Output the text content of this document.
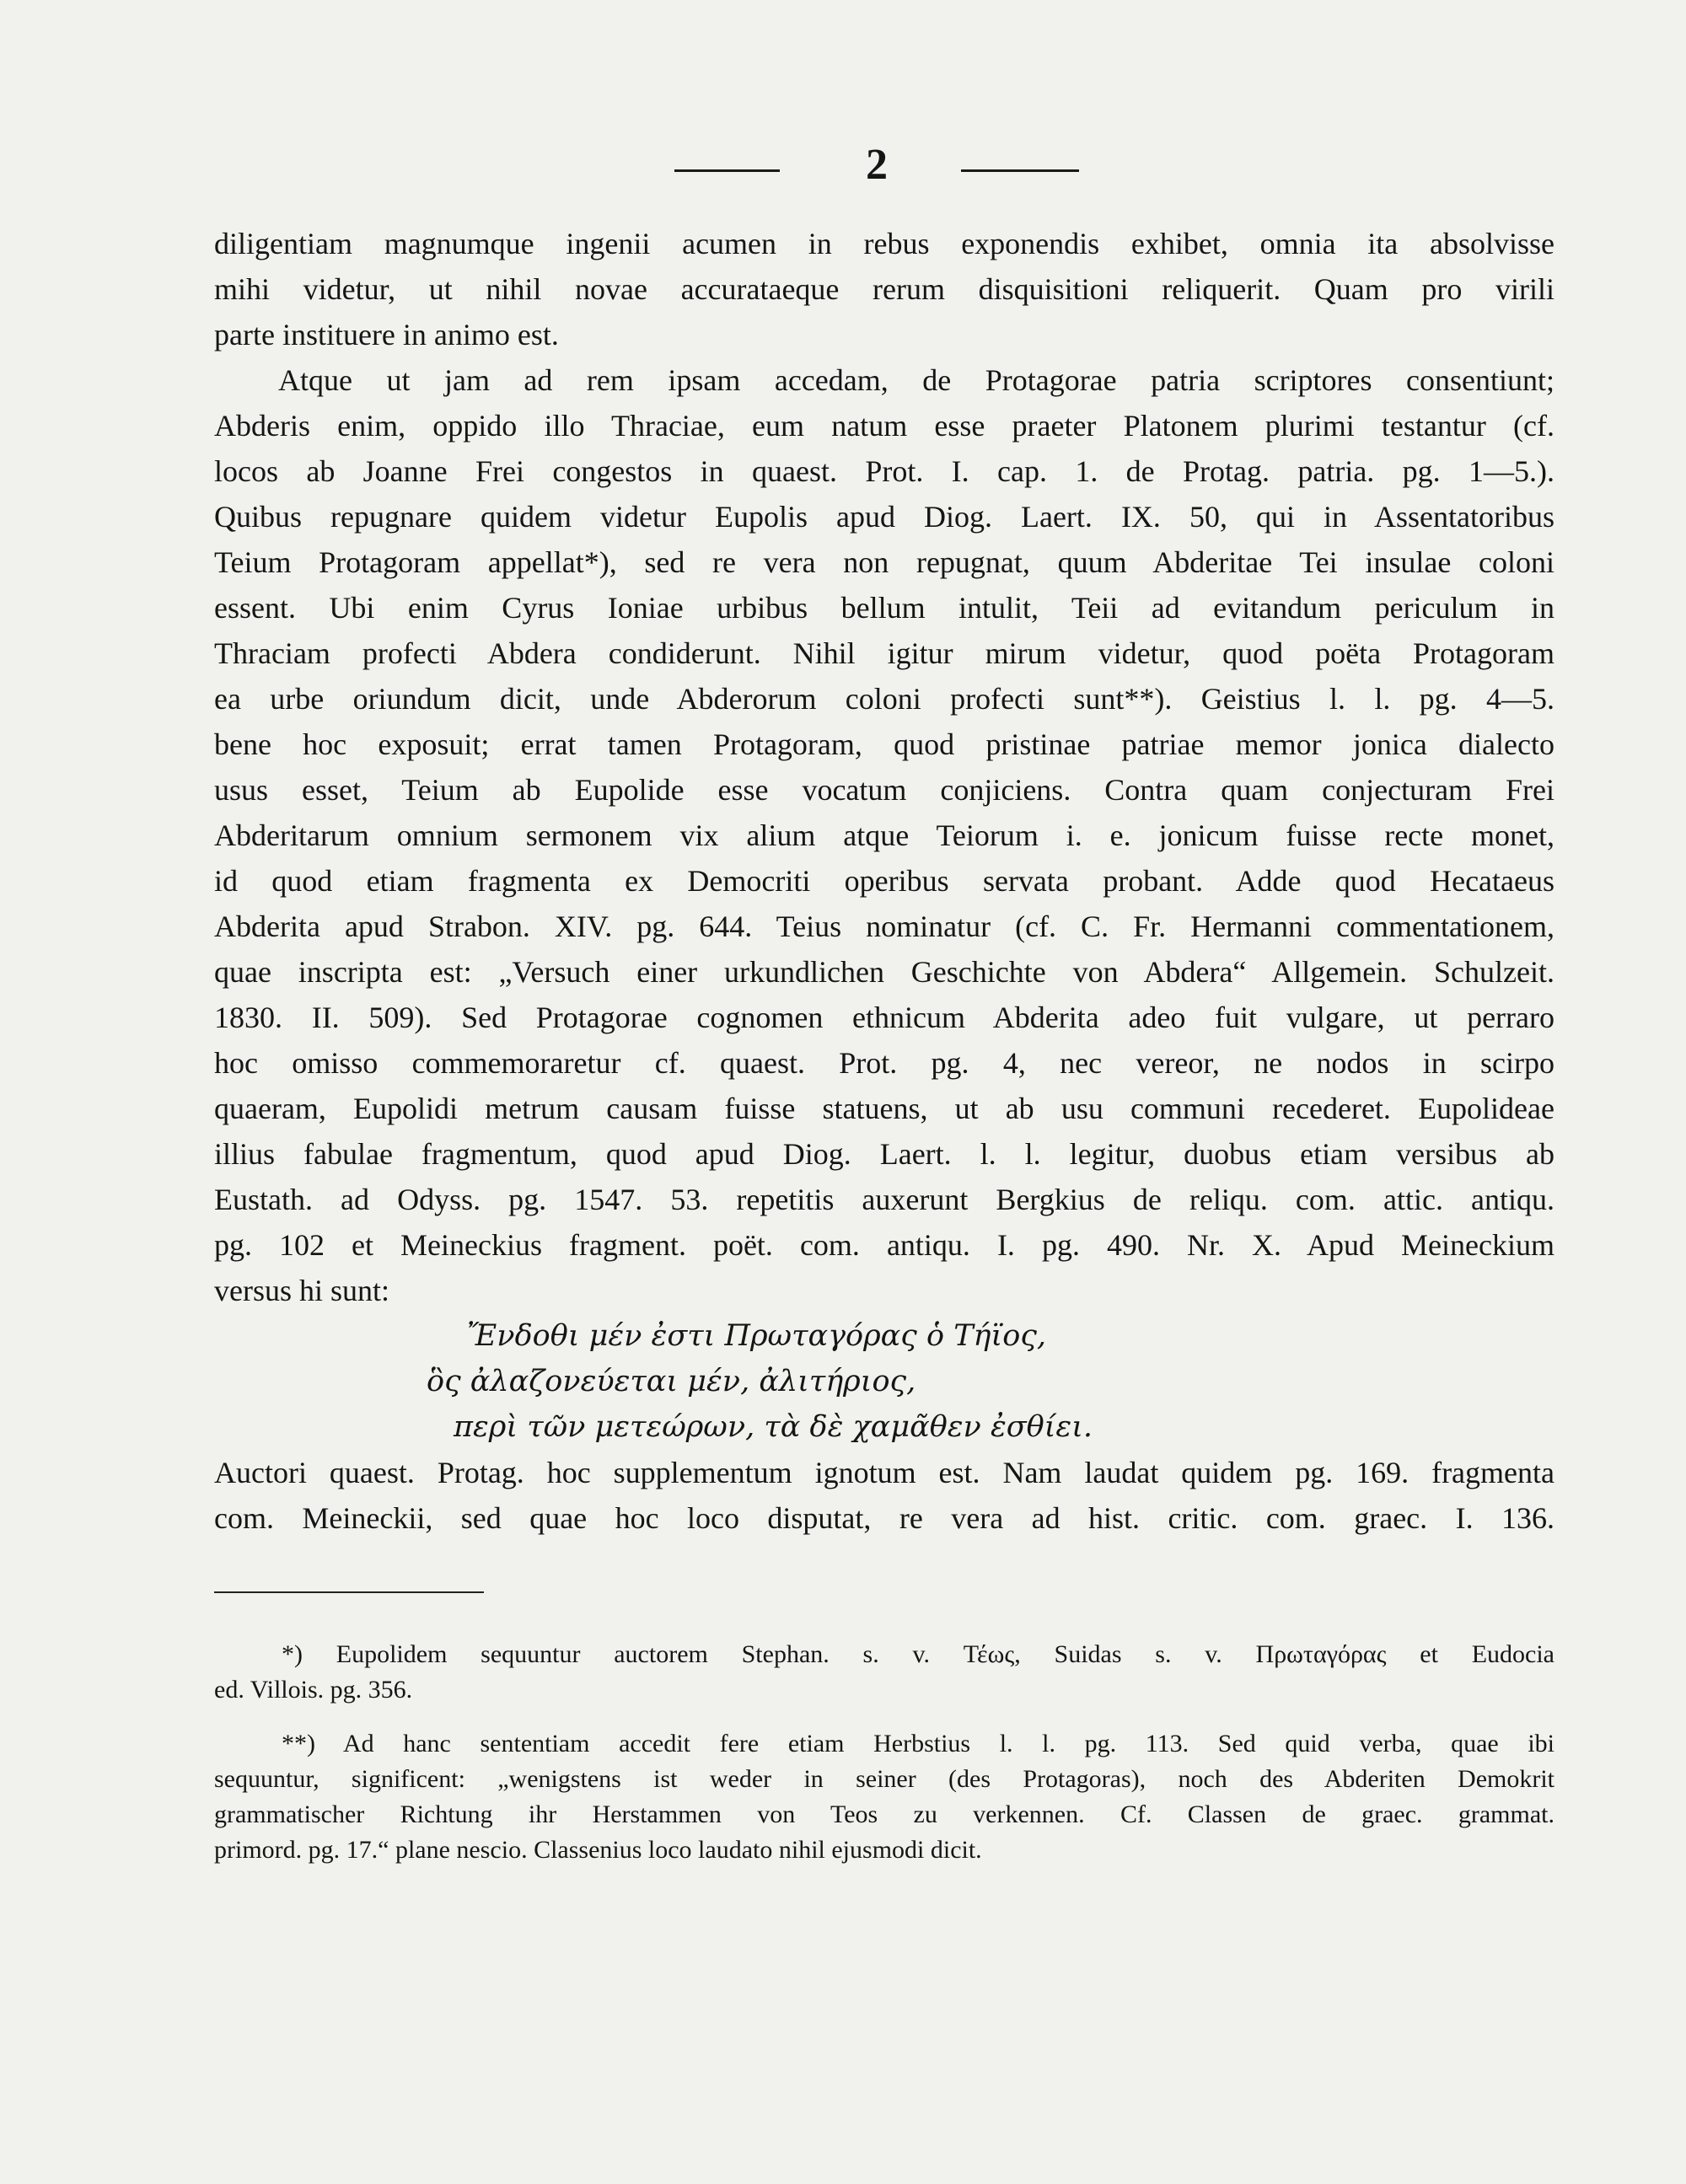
2
diligentiam magnumque ingenii acumen in rebus exponendis exhibet, omnia ita absolvisse
mihi videtur, ut nihil novae accurataeque rerum disquisitioni reliquerit. Quam pro virili
parte instituere in animo est.
Atque ut jam ad rem ipsam accedam, de Protagorae patria scriptores consentiunt;
Abderis enim, oppido illo Thraciae, eum natum esse praeter Platonem plurimi testantur (cf.
locos ab Joanne Frei congestos in quaest. Prot. I. cap. 1. de Protag. patria. pg. 1—5.).
Quibus repugnare quidem videtur Eupolis apud Diog. Laert. IX. 50, qui in Assentatoribus
Teium Protagoram appellat*), sed re vera non repugnat, quum Abderitae Tei insulae coloni
essent. Ubi enim Cyrus Ioniae urbibus bellum intulit, Teii ad evitandum periculum in
Thraciam profecti Abdera condiderunt. Nihil igitur mirum videtur, quod poëta Protagoram
ea urbe oriundum dicit, unde Abderorum coloni profecti sunt**). Geistius l. l. pg. 4—5.
bene hoc exposuit; errat tamen Protagoram, quod pristinae patriae memor jonica dialecto
usus esset, Teium ab Eupolide esse vocatum conjiciens. Contra quam conjecturam Frei
Abderitarum omnium sermonem vix alium atque Teiorum i. e. jonicum fuisse recte monet,
id quod etiam fragmenta ex Democriti operibus servata probant. Adde quod Hecataeus
Abderita apud Strabon. XIV. pg. 644. Teius nominatur (cf. C. Fr. Hermanni commentationem,
quae inscripta est: „Versuch einer urkundlichen Geschichte von Abdera“ Allgemein. Schulzeit.
1830. II. 509). Sed Protagorae cognomen ethnicum Abderita adeo fuit vulgare, ut perraro
hoc omisso commemoraretur cf. quaest. Prot. pg. 4, nec vereor, ne nodos in scirpo
quaeram, Eupolidi metrum causam fuisse statuens, ut ab usu communi recederet. Eupolideae
illius fabulae fragmentum, quod apud Diog. Laert. l. l. legitur, duobus etiam versibus ab
Eustath. ad Odyss. pg. 1547. 53. repetitis auxerunt Bergkius de reliqu. com. attic. antiqu.
pg. 102 et Meineckius fragment. poët. com. antiqu. I. pg. 490. Nr. X. Apud Meineckium
versus hi sunt:
Ἔνδοθι μέν ἐστι Πρωταγόρας ὁ Τήϊος,
ὃς ἀλαζονεύεται μέν, ἀλιτήριος,
περὶ τῶν μετεώρων, τὰ δὲ χαμᾶθεν ἐσθίει.
Auctori quaest. Protag. hoc supplementum ignotum est. Nam laudat quidem pg. 169. fragmenta
com. Meineckii, sed quae hoc loco disputat, re vera ad hist. critic. com. graec. I. 136.
*) Eupolidem sequuntur auctorem Stephan. s. v. Τέως, Suidas s. v. Πρωταγόρας et Eudocia
ed. Villois. pg. 356.
**) Ad hanc sententiam accedit fere etiam Herbstius l. l. pg. 113. Sed quid verba, quae ibi
sequuntur, significent: „wenigstens ist weder in seiner (des Protagoras), noch des Abderiten Demokrit
grammatischer Richtung ihr Herstammen von Teos zu verkennen. Cf. Classen de graec. grammat.
primord. pg. 17.“ plane nescio. Classenius loco laudato nihil ejusmodi dicit.
